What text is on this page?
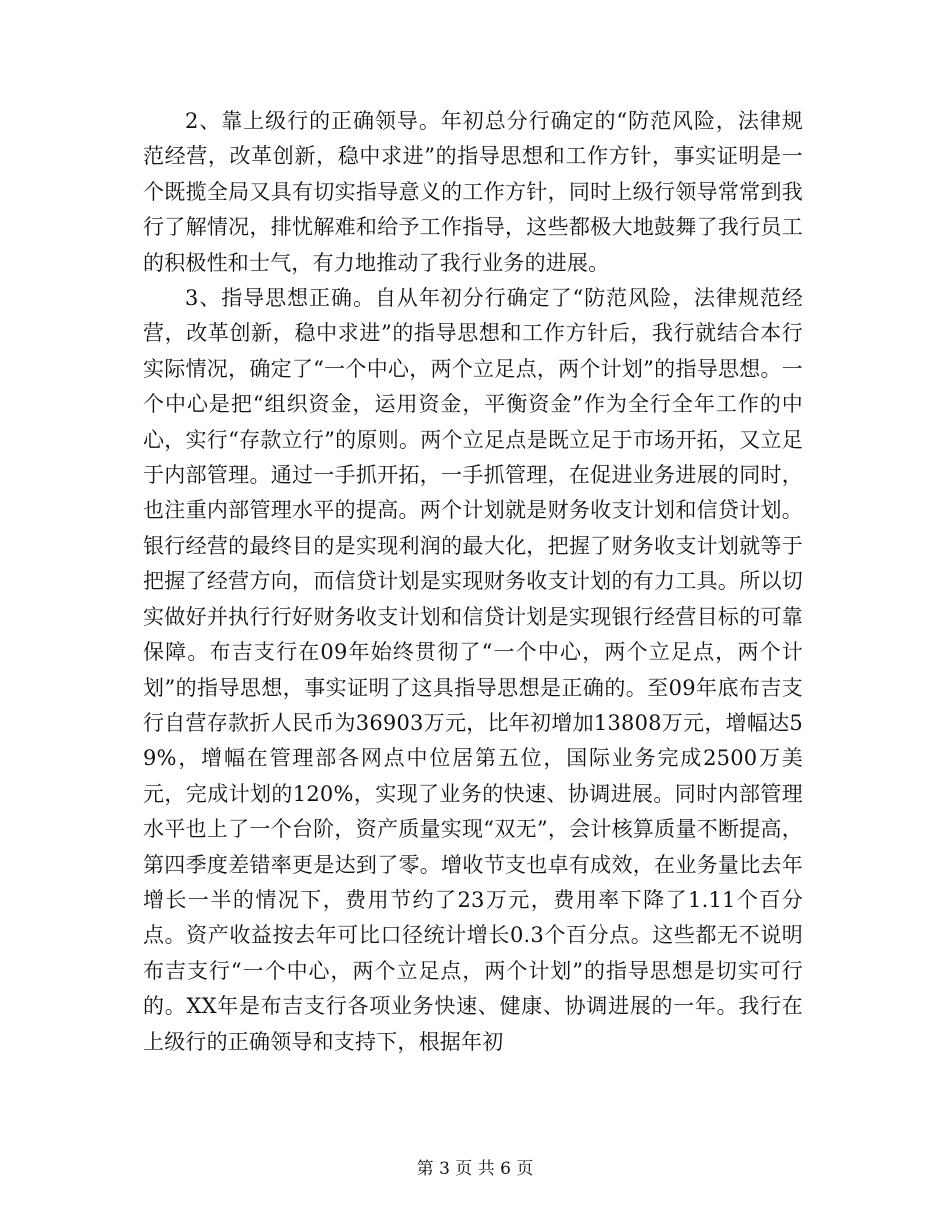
2、靠上级行的正确领导。年初总分行确定的“防范风险，法律规范经营，改革创新，稳中求进”的指导思想和工作方针，事实证明是一个既揽全局又具有切实指导意义的工作方针，同时上级行领导常常到我行了解情况，排忧解难和给予工作指导，这些都极大地鼓舞了我行员工的积极性和士气，有力地推动了我行业务的进展。

3、指导思想正确。自从年初分行确定了“防范风险，法律规范经营，改革创新，稳中求进”的指导思想和工作方针后，我行就结合本行实际情况，确定了“一个中心，两个立足点，两个计划”的指导思想。一个中心是把“组织资金，运用资金，平衡资金”作为全行全年工作的中心，实行“存款立行”的原则。两个立足点是既立足于市场开拓，又立足于内部管理。通过一手抓开拓，一手抓管理，在促进业务进展的同时，也注重内部管理水平的提高。两个计划就是财务收支计划和信贷计划。银行经营的最终目的是实现利润的最大化，把握了财务收支计划就等于把握了经营方向，而信贷计划是实现财务收支计划的有力工具。所以切实做好并执行行好财务收支计划和信贷计划是实现银行经营目标的可靠保障。布吉支行在09年始终贯彻了“一个中心，两个立足点，两个计划”的指导思想，事实证明了这具指导思想是正确的。至09年底布吉支行自营存款折人民币为36903万元，比年初增加13808万元，增幅达59%，增幅在管理部各网点中位居第五位，国际业务完成2500万美元，完成计划的120%，实现了业务的快速、协调进展。同时内部管理水平也上了一个台阶，资产质量实现“双无”，会计核算质量不断提高，第四季度差错率更是达到了零。增收节支也卓有成效，在业务量比去年增长一半的情况下，费用节约了23万元，费用率下降了1.11个百分点。资产收益按去年可比口径统计增长0.3个百分点。这些都无不说明布吉支行“一个中心，两个立足点，两个计划”的指导思想是切实可行的。XX年是布吉支行各项业务快速、健康、协调进展的一年。我行在上级行的正确领导和支持下，根据年初

第 3 页 共 6 页
